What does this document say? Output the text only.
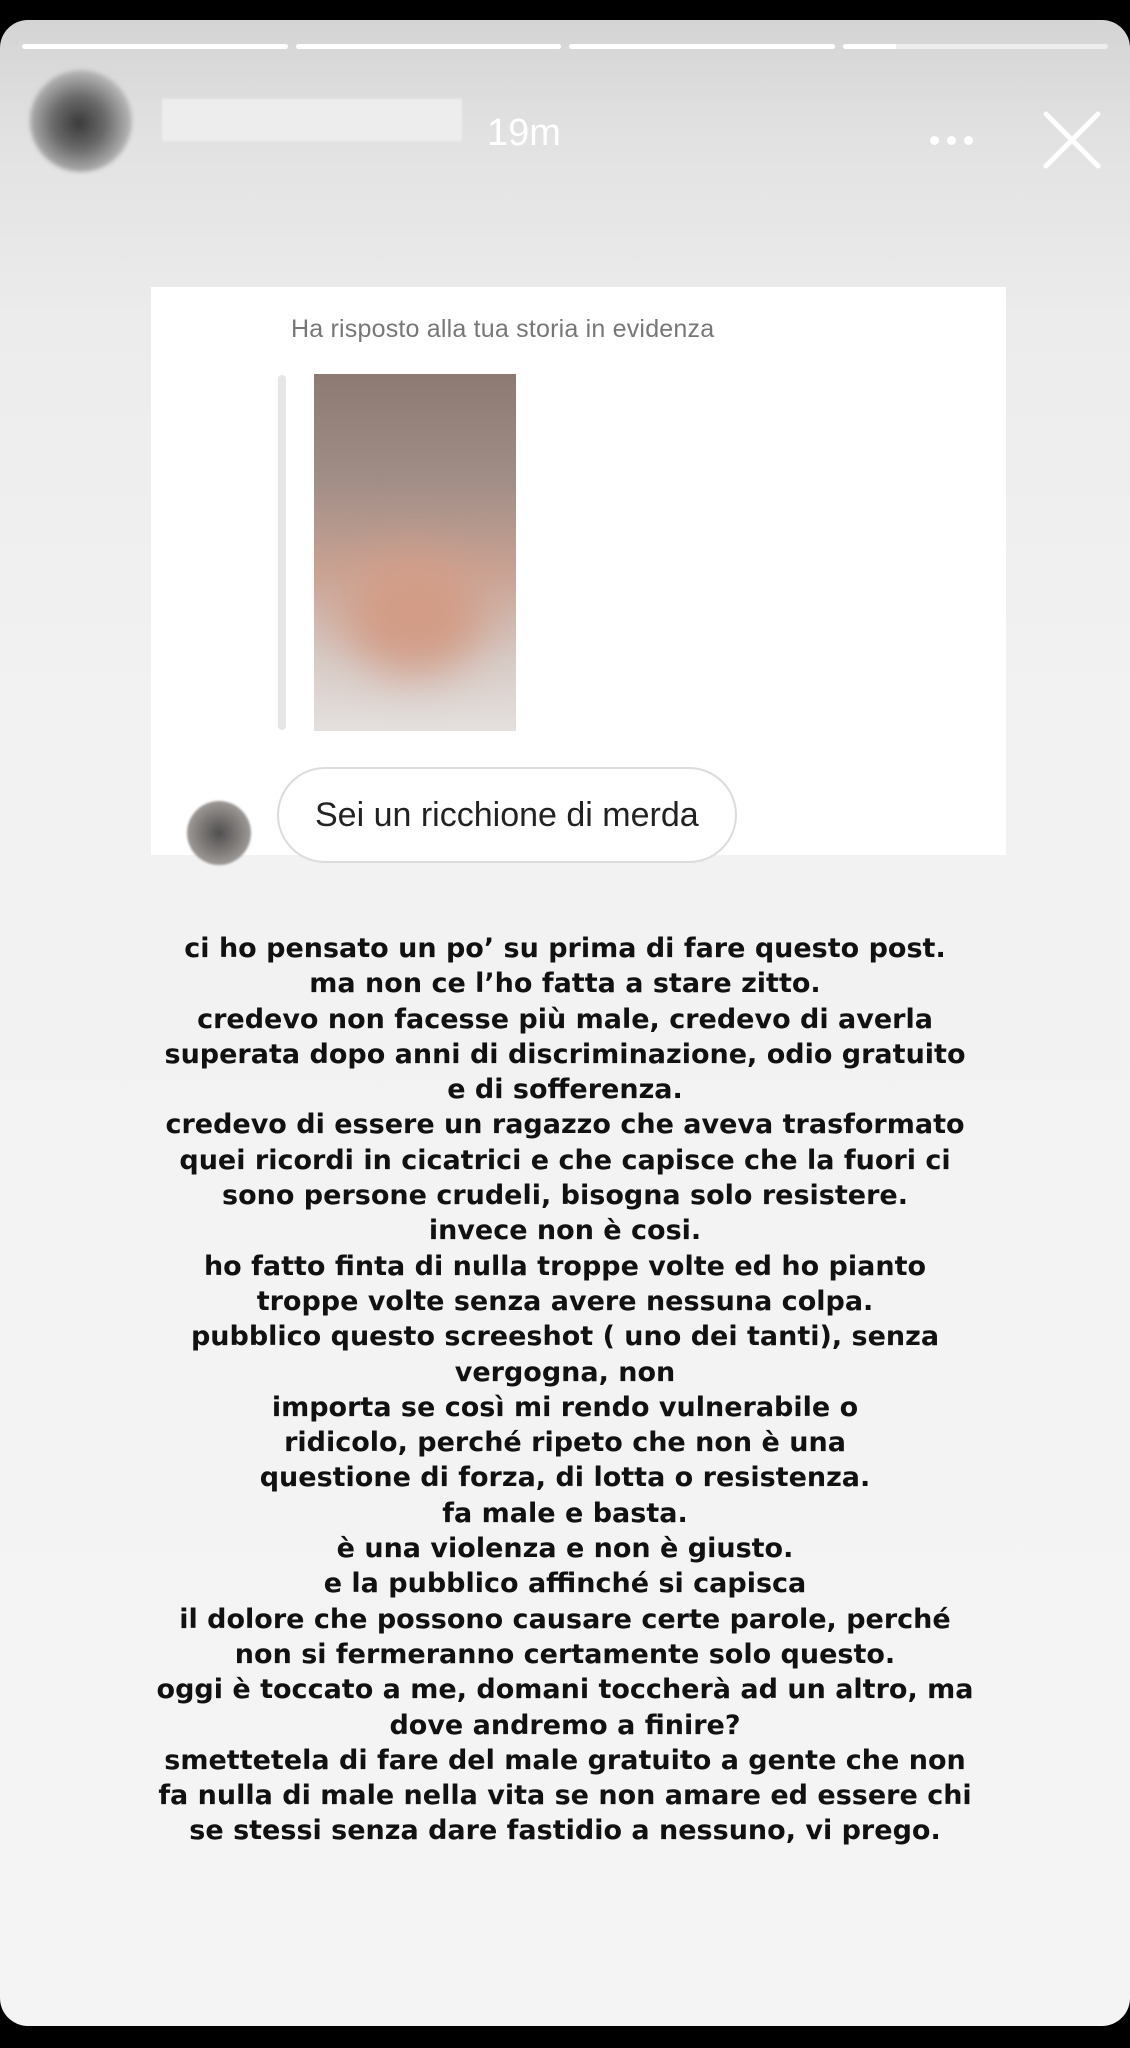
19m
Ha risposto alla tua storia in evidenza
Sei un ricchione di merda
ci ho pensato un po’ su prima di fare questo post.
ma non ce l’ho fatta a stare zitto.
credevo non facesse più male, credevo di averla
superata dopo anni di discriminazione, odio gratuito
e di sofferenza.
credevo di essere un ragazzo che aveva trasformato
quei ricordi in cicatrici e che capisce che la fuori ci
sono persone crudeli, bisogna solo resistere.
invece non è cosi.
ho fatto finta di nulla troppe volte ed ho pianto
troppe volte senza avere nessuna colpa.
pubblico questo screeshot ( uno dei tanti), senza
vergogna, non
importa se così mi rendo vulnerabile o
ridicolo, perché ripeto che non è una
questione di forza, di lotta o resistenza.
fa male e basta.
è una violenza e non è giusto.
e la pubblico affinché si capisca
il dolore che possono causare certe parole, perché
non si fermeranno certamente solo questo.
oggi è toccato a me, domani toccherà ad un altro, ma
dove andremo a finire?
smettetela di fare del male gratuito a gente che non
fa nulla di male nella vita se non amare ed essere chi
se stessi senza dare fastidio a nessuno, vi prego.
